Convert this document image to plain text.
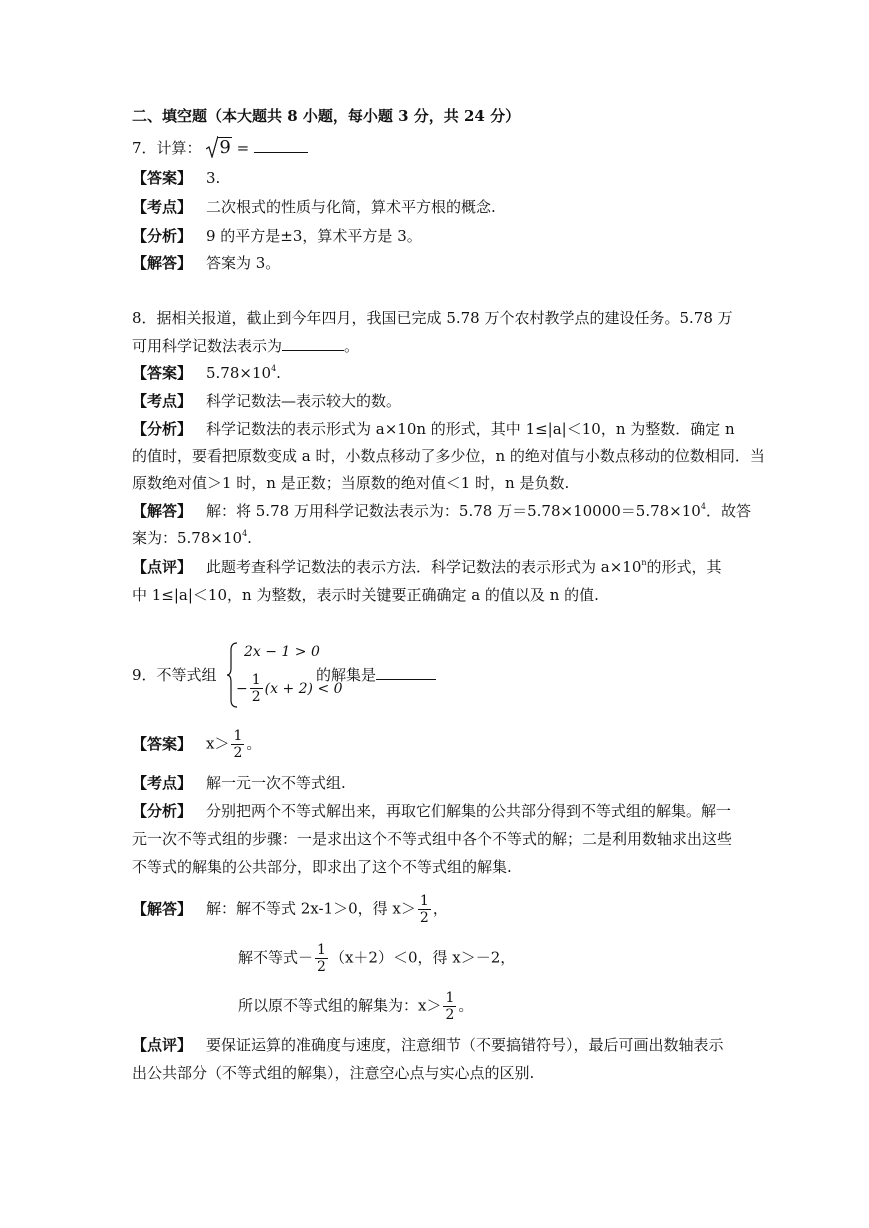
二、填空题（本大题共 8 小题，每小题 3 分，共 24 分）
7．计算： 9 =
【答案】 3.
【考点】 二次根式的性质与化简，算术平方根的概念.
【分析】 9 的平方是±3，算术平方是 3。
【解答】 答案为 3。
8．据相关报道，截止到今年四月，我国已完成 5.78 万个农村教学点的建设任务。5.78 万
可用科学记数法表示为	。
【答案】 $5.78\times 10^4$.
【考点】 科学记数法—表示较大的数。
【分析】 科学记数法的表示形式为 a×10n 的形式，其中 1≤|a|＜10，n 为整数．确定 n
的值时，要看把原数变成 a 时，小数点移动了多少位，n 的绝对值与小数点移动的位数相同．当
原数绝对值＞1 时，n 是正数；当原数的绝对值＜1 时，n 是负数.
【解答】 解：将 5.78 万用科学记数法表示为：5.78 万$=5.78\times 10000=5.78\times 10^4$．故答
案为：$5.78\times 10^4$.
【点评】 此题考查科学记数法的表示方法．科学记数法的表示形式为 $a\times 10^n$的形式，其
中 1≤|a|＜10，n 为整数，表示时关键要正确确定 a 的值以及 n 的值.
9．不等式组
2x − 1 > 0
− $\frac{1}{2} (x + 2) < 0$
的解集是
【答案】 $x> \frac{1}{2}$ 。
【考点】 解一元一次不等式组.
【分析】 分别把两个不等式解出来，再取它们解集的公共部分得到不等式组的解集。解一
元一次不等式组的步骤：一是求出这个不等式组中各个不等式的解；二是利用数轴求出这些
不等式的解集的公共部分，即求出了这个不等式组的解集.
【解答】 解：解不等式 2x-1＞0，得 $x> \frac{1}{2}$ ，
解不等式－ $\frac{1}{2} (x+2)<0$，得 x＞－2，
所以原不等式组的解集为：$x> \frac{1}{2}$ 。
【点评】 要保证运算的准确度与速度，注意细节（不要搞错符号），最后可画出数轴表示
出公共部分（不等式组的解集），注意空心点与实心点的区别.
